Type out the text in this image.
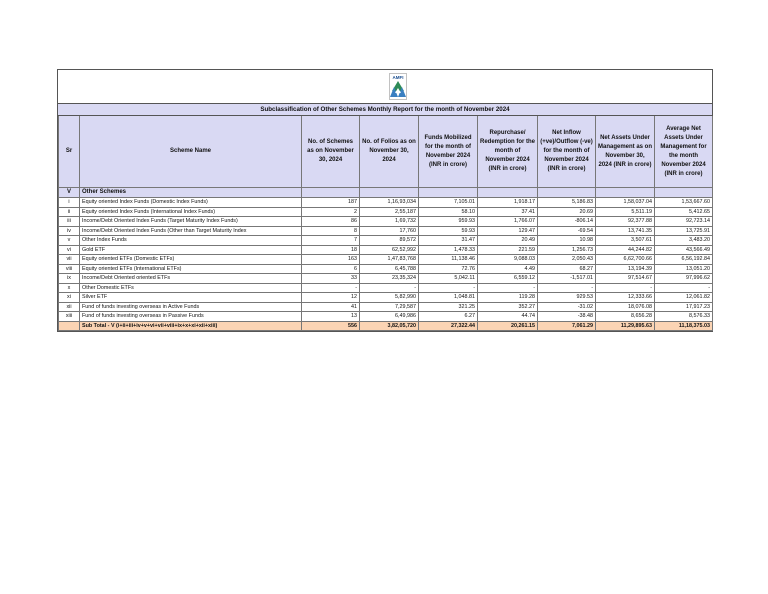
AMFI
Subclassification of Other Schemes Monthly Report for the month of November 2024
Sr	Scheme Name	No. of Schemes as on November 30, 2024	No. of Folios as on November 30, 2024	Funds Mobilized for the month of November 2024 (INR in crore)	Repurchase/ Redemption for the month of November 2024 (INR in crore)	Net Inflow (+ve)/Outflow (-ve) for the month of November 2024 (INR in crore)	Net Assets Under Management as on November 30, 2024 (INR in crore)	Average Net Assets Under Management for the month November 2024 (INR in crore)
V	Other Schemes							
i	Equity oriented Index Funds (Domestic Index Funds)	187	1,16,93,034	7,105.01	1,918.17	5,186.83	1,58,037.04	1,53,667.60
ii	Equity oriented Index Funds (International Index Funds)	2	2,55,187	58.10	37.41	20.69	5,511.19	5,412.65
iii	Income/Debt Oriented Index Funds (Target Maturity Index Funds)	86	1,69,732	959.93	1,766.07	-806.14	92,377.88	92,723.14
iv	Income/Debt Oriented Index Funds (Other than Target Maturity Index	8	17,760	59.93	129.47	-69.54	13,741.35	13,725.91
v	Other Index Funds	7	89,572	31.47	20.49	10.98	3,507.61	3,483.20
vi	Gold ETF	18	62,52,992	1,478.33	221.59	1,256.73	44,244.82	43,566.49
vii	Equity oriented ETFs (Domestic ETFs)	163	1,47,83,768	11,138.46	9,088.03	2,050.43	6,62,700.66	6,56,192.84
viii	Equity oriented ETFs (International ETFs)	6	6,45,788	72.76	4.49	68.27	13,194.39	13,051.20
ix	Income/Debt Oriented oriented ETFs	33	23,35,324	5,042.11	6,559.12	-1,517.01	97,514.67	97,996.62
x	Other Domestic ETFs	-	-	-	-	-	-	-
xi	Silver ETF	12	5,82,990	1,048.81	119.28	929.53	12,333.66	12,061.82
xii	Fund of funds investing overseas in Active Funds	41	7,29,587	321.25	352.27	-31.02	18,076.08	17,917.23
xiii	Fund of funds investing overseas in Passive Funds	13	6,49,986	6.27	44.74	-38.48	8,656.28	8,576.33
	Sub Total - V (i+ii+iii+iv+v+vi+vii+viii+ix+x+xi+xii+xiii)	556	3,82,05,720	27,322.44	20,261.15	7,061.29	11,29,895.63	11,18,375.03
